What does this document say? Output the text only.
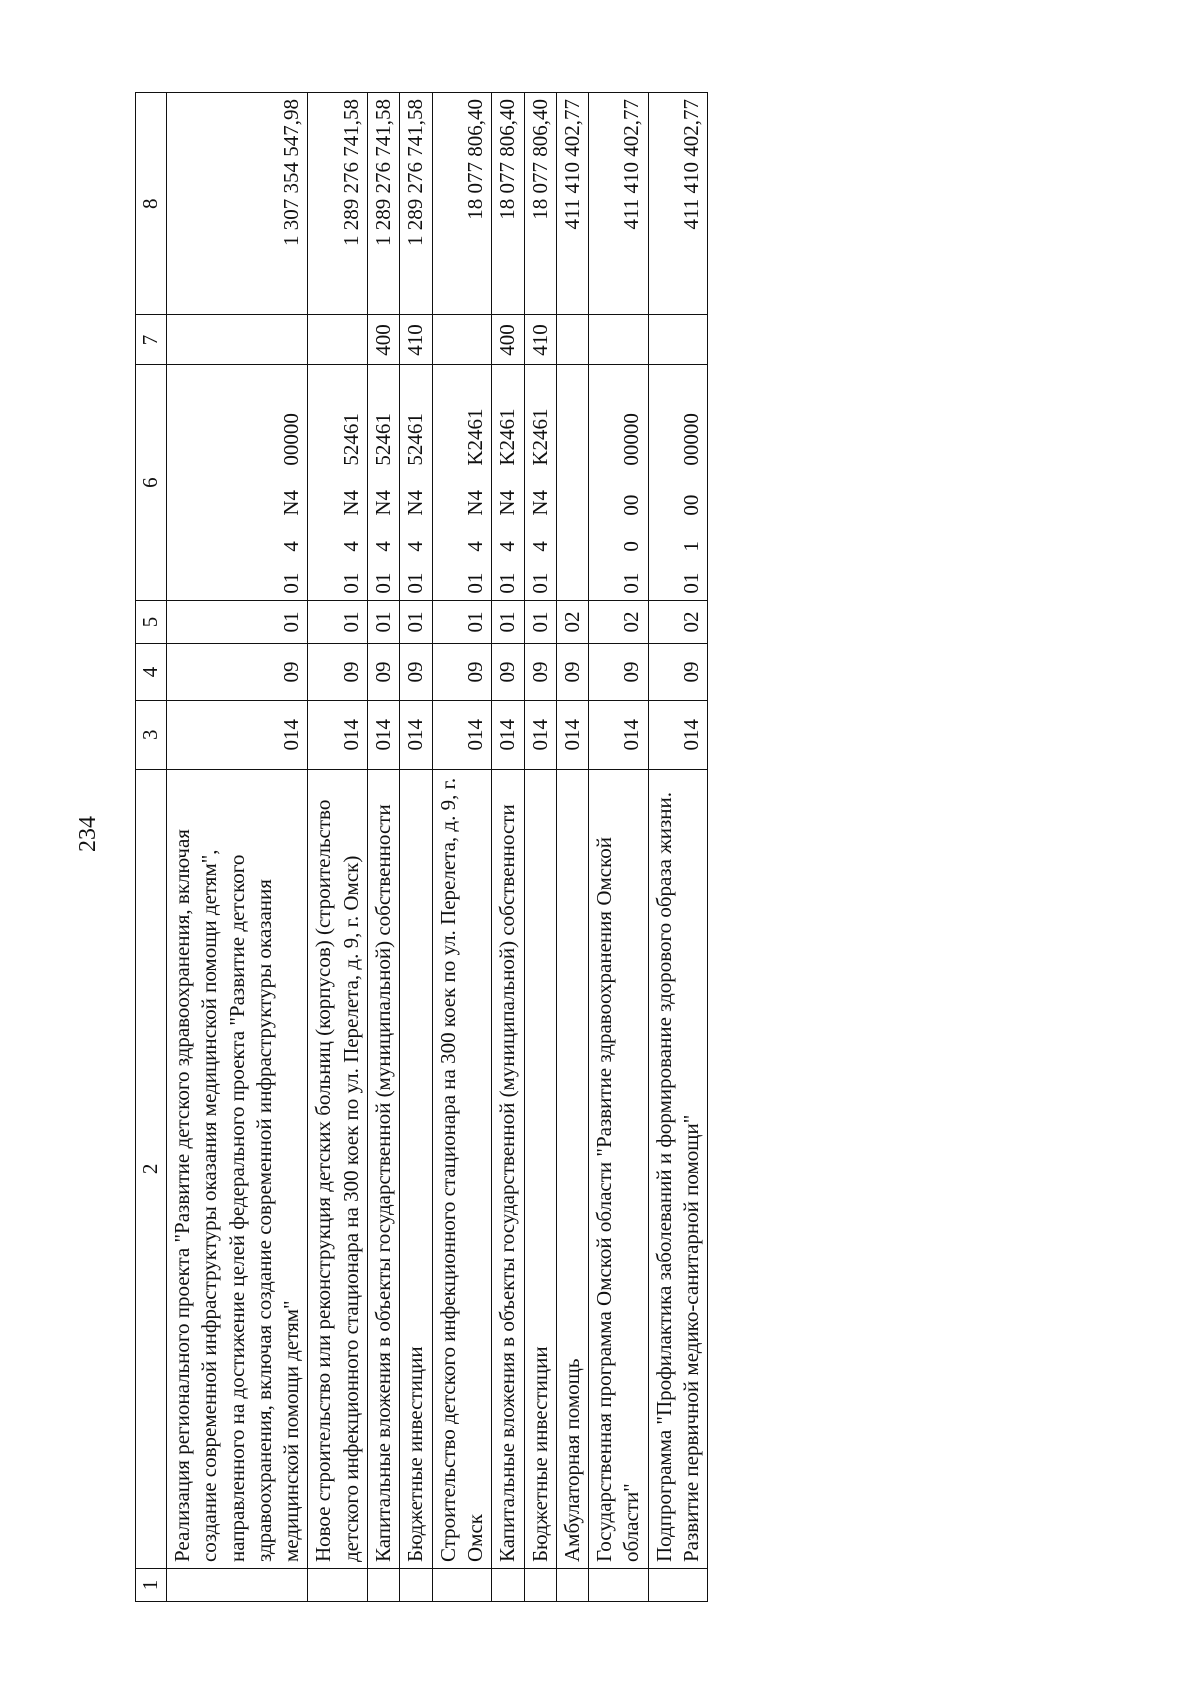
234
1	2	3	4	5	6	7	8
	Реализация регионального проекта "Развитие детского здравоохранения, включая создание современной инфраструктуры оказания медицинской помощи детям", направленного на достижение целей федерального проекта "Развитие детского здравоохранения, включая создание современной инфраструктуры оказания медицинской помощи детям"	014	09	01	014N400000		1 307 354 547,98
	Новое строительство или реконструкция детских больниц (корпусов) (строительство детского инфекционного стационара на 300 коек по ул. Перелета, д. 9, г. Омск)	014	09	01	014N452461		1 289 276 741,58
	Капитальные вложения в объекты государственной (муниципальной) собственности	014	09	01	014N452461	400	1 289 276 741,58
	Бюджетные инвестиции	014	09	01	014N452461	410	1 289 276 741,58
	Строительство детского инфекционного стационара на 300 коек по ул. Перелета, д. 9, г. Омск	014	09	01	014N4K2461		18 077 806,40
	Капитальные вложения в объекты государственной (муниципальной) собственности	014	09	01	014N4K2461	400	18 077 806,40
	Бюджетные инвестиции	014	09	01	014N4K2461	410	18 077 806,40
	Амбулаторная помощь	014	09	02			411 410 402,77
	Государственная программа Омской области "Развитие здравоохранения Омской области"	014	09	02	0100000000		411 410 402,77
	Подпрограмма "Профилактика заболеваний и формирование здорового образа жизни. Развитие первичной медико-санитарной помощи"	014	09	02	0110000000		411 410 402,77
